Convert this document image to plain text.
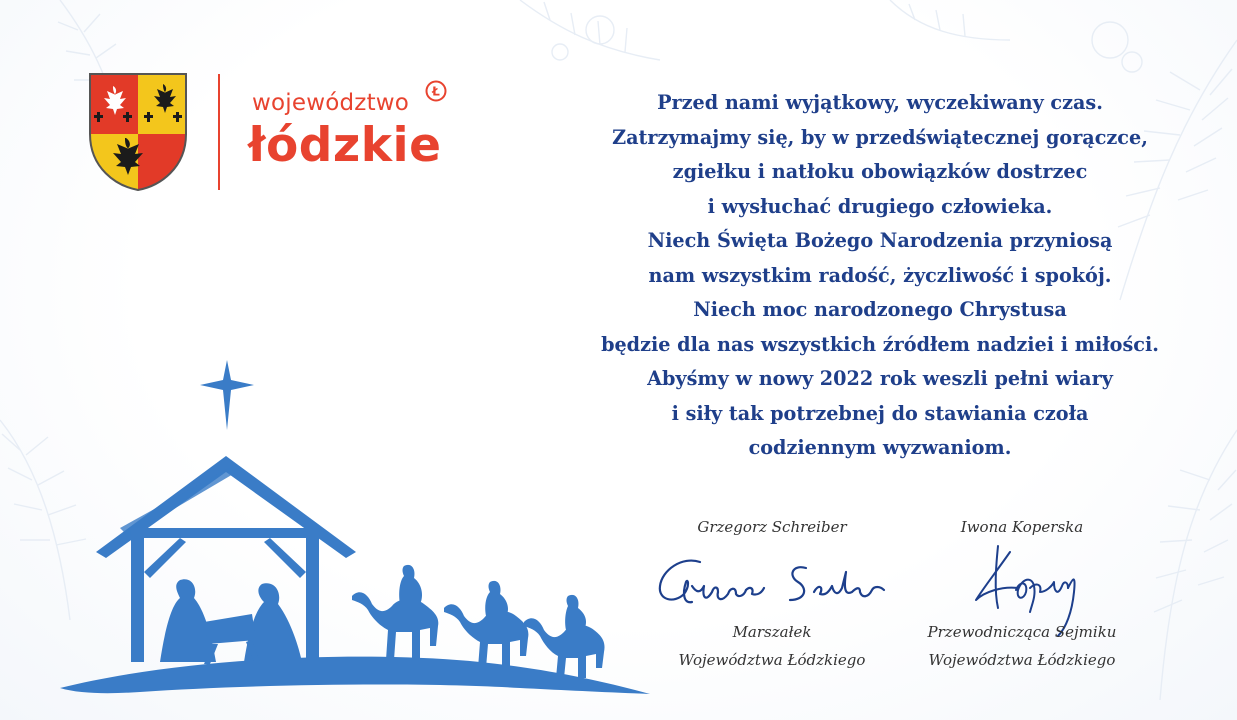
województwo Ł
łódzkie
Przed nami wyjątkowy, wyczekiwany czas.
Zatrzymajmy się, by w przedświątecznej gorączce,
zgiełku i natłoku obowiązków dostrzec
i wysłuchać drugiego człowieka.
Niech Święta Bożego Narodzenia przyniosą
nam wszystkim radość, życzliwość i spokój.
Niech moc narodzonego Chrystusa
będzie dla nas wszystkich źródłem nadziei i miłości.
Abyśmy w nowy 2022 rok weszli pełni wiary
i siły tak potrzebnej do stawiania czoła
codziennym wyzwaniom.
Grzegorz Schreiber
Marszałek
Województwa Łódzkiego
Iwona Koperska
Przewodnicząca Sejmiku
Województwa Łódzkiego
